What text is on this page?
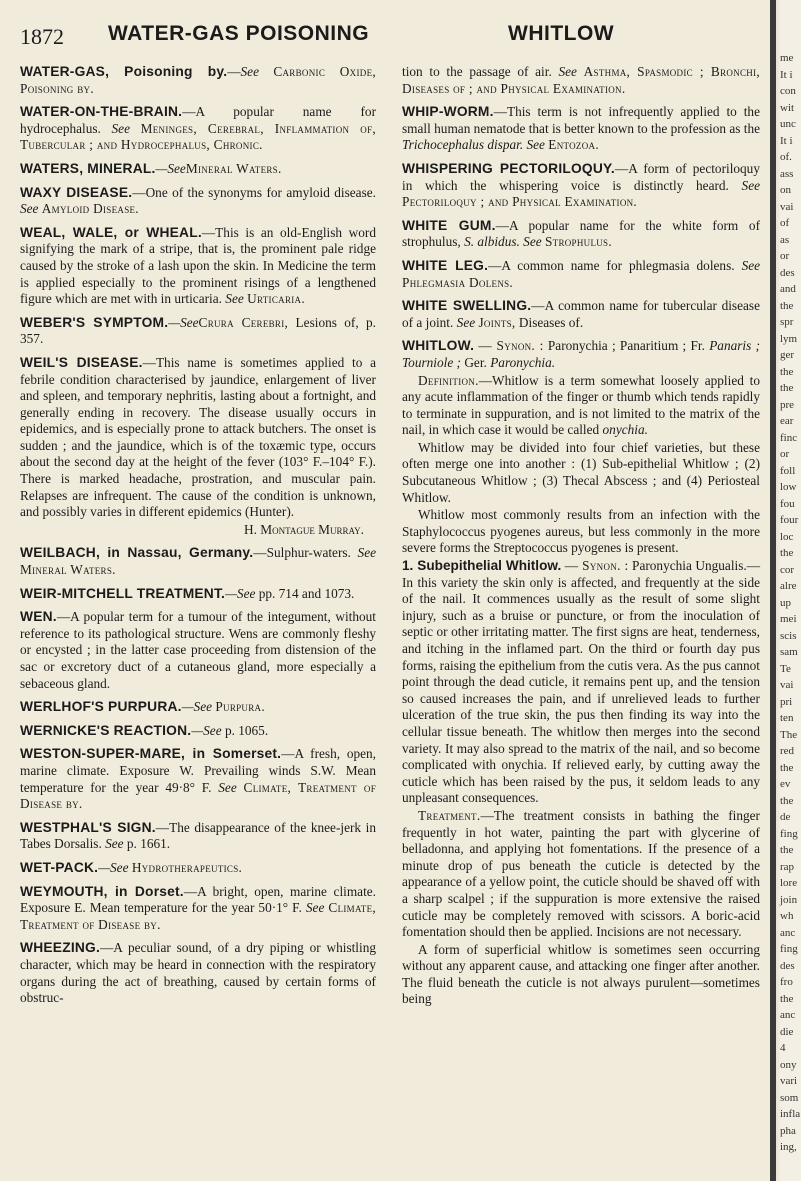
1872 WATER-GAS POISONING	WHITLOW

WATER-GAS, Poisoning by.—See Carbonic Oxide, Poisoning by.

WATER-ON-THE-BRAIN.—A popular name for hydrocephalus. See Meninges, Cerebral, Inflammation of, Tubercular ; and Hydrocephalus, Chronic.

WATERS, MINERAL.—SeeMineral Waters.

WAXY DISEASE.—One of the synonyms for amyloid disease. See Amyloid Disease.

WEAL, WALE, or WHEAL.—This is an old-English word signifying the mark of a stripe, that is, the prominent pale ridge caused by the stroke of a lash upon the skin. In Medicine the term is applied especially to the prominent risings of a lengthened figure which are met with in urticaria. See Urticaria.

WEBER'S SYMPTOM.—SeeCrura Cerebri, Lesions of, p. 357.

WEIL'S DISEASE.—This name is sometimes applied to a febrile condition characterised by jaundice, enlargement of liver and spleen, and temporary nephritis, lasting about a fortnight, and generally ending in recovery. The disease usually occurs in epidemics, and is especially prone to attack butchers. The onset is sudden ; and the jaundice, which is of the toxæmic type, occurs about the second day at the height of the fever (103° F.–104° F.). There is marked headache, prostration, and muscular pain. Relapses are infrequent. The cause of the condition is unknown, and possibly varies in different epidemics (Hunter).

H. Montague Murray.

WEILBACH, in Nassau, Germany.—Sulphur-waters. See Mineral Waters.

WEIR-MITCHELL TREATMENT.—See pp. 714 and 1073.

WEN.—A popular term for a tumour of the integument, without reference to its pathological structure. Wens are commonly fleshy or encysted ; in the latter case proceeding from distension of the sac or excretory duct of a cutaneous gland, more especially a sebaceous gland.

WERLHOF'S PURPURA.—See Purpura.

WERNICKE'S REACTION.—See p. 1065.

WESTON-SUPER-MARE, in Somerset.—A fresh, open, marine climate. Exposure W. Prevailing winds S.W. Mean temperature for the year 49·8° F. See Climate, Treatment of Disease by.

WESTPHAL'S SIGN.—The disappearance of the knee-jerk in Tabes Dorsalis. See p. 1661.

WET-PACK.—See Hydrotherapeutics.

WEYMOUTH, in Dorset.—A bright, open, marine climate. Exposure E. Mean temperature for the year 50·1° F. See Climate, Treatment of Disease by.

WHEEZING.—A peculiar sound, of a dry piping or whistling character, which may be heard in connection with the respiratory organs during the act of breathing, caused by certain forms of obstruc-

tion to the passage of air. See Asthma, Spasmodic ; Bronchi, Diseases of ; and Physical Examination.

WHIP-WORM.—This term is not infrequently applied to the small human nematode that is better known to the profession as the Trichocephalus dispar. See Entozoa.

WHISPERING PECTORILOQUY.—A form of pectoriloquy in which the whispering voice is distinctly heard. See Pectoriloquy ; and Physical Examination.

WHITE GUM.—A popular name for the white form of strophulus, S. albidus. See Strophulus.

WHITE LEG.—A common name for phlegmasia dolens. See Phlegmasia Dolens.

WHITE SWELLING.—A common name for tubercular disease of a joint. See Joints, Diseases of.

WHITLOW. — Synon. : Paronychia ; Panaritium ; Fr. Panaris ; Tourniole ; Ger. Paronychia.

Definition.—Whitlow is a term somewhat loosely applied to any acute inflammation of the finger or thumb which tends rapidly to terminate in suppuration, and is not limited to the matrix of the nail, in which case it would be called onychia.

Whitlow may be divided into four chief varieties, but these often merge one into another : (1) Sub-epithelial Whitlow ; (2) Subcutaneous Whitlow ; (3) Thecal Abscess ; and (4) Periosteal Whitlow.

Whitlow most commonly results from an infection with the Staphylococcus pyogenes aureus, but less commonly in the more severe forms the Streptococcus pyogenes is present.

1. Subepithelial Whitlow. — Synon. : Paronychia Ungualis.—In this variety the skin only is affected, and frequently at the side of the nail. It commences usually as the result of some slight injury, such as a bruise or puncture, or from the inoculation of septic or other irritating matter. The first signs are heat, tenderness, and itching in the inflamed part. On the third or fourth day pus forms, raising the epithelium from the cutis vera. As the pus cannot point through the dead cuticle, it remains pent up, and the tension so caused increases the pain, and if unrelieved leads to further ulceration of the true skin, the pus then finding its way into the cellular tissue beneath. The whitlow then merges into the second variety. It may also spread to the matrix of the nail, and so become complicated with onychia. If relieved early, by cutting away the cuticle which has been raised by the pus, it seldom leads to any unpleasant consequences.

Treatment.—The treatment consists in bathing the finger frequently in hot water, painting the part with glycerine of belladonna, and applying hot fomentations. If the presence of a minute drop of pus beneath the cuticle is detected by the appearance of a yellow point, the cuticle should be shaved off with a sharp scalpel ; if the suppuration is more extensive the raised cuticle may be completely removed with scissors. A boric-acid fomentation should then be applied. Incisions are not necessary.

A form of superficial whitlow is sometimes seen occurring without any apparent cause, and attacking one finger after another. The fluid beneath the cuticle is not always purulent—sometimes being

me
It i
con
wit
unc
It i
of.
ass
on
vai
of
as
or
des
and
the
spr
lym
ger
the
the
pre
ear
finc
or
foll
low
fou
four
loc
the
cor
alre
up
mei
scis
sam
Te
vai
pri
ten
The
red
the
ev
the
de
fing
the
rap
lore
join
wh
anc
fing
des
fro
the
anc
die
4
ony
vari
som
infla
pha
ing,
